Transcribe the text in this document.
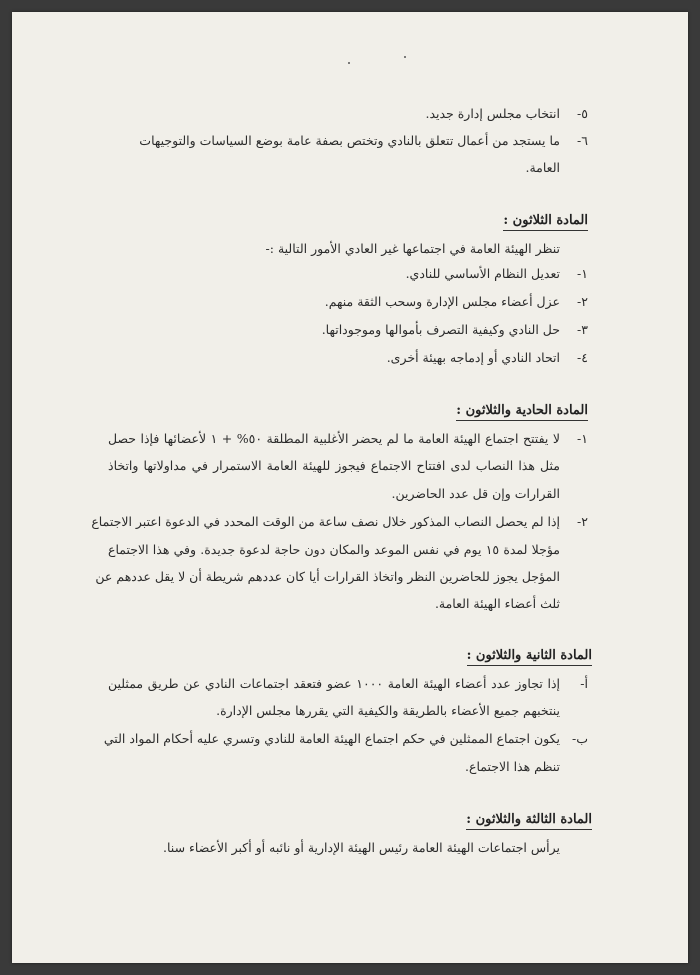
٥-انتخاب مجلس إدارة جديد.
٦-ما يستجد من أعمال تتعلق بالنادي وتختص بصفة عامة بوضع السياسات والتوجيهات
العامة.
المادة الثلاثون :
تنظر الهيئة العامة في اجتماعها غير العادي الأمور التالية :-
١-تعديل النظام الأساسي للنادي.
٢-عزل أعضاء مجلس الإدارة وسحب الثقة منهم.
٣-حل النادي وكيفية التصرف بأموالها وموجوداتها.
٤-اتحاد النادي أو إدماجه بهيئة أخرى.
المادة الحادية والثلاثون :
١-لا يفتتح اجتماع الهيئة العامة ما لم يحضر الأغلبية المطلقة ٥٠% + ١ لأعضائها فإذا حصل
مثل هذا النصاب لدى افتتاح الاجتماع فيجوز للهيئة العامة الاستمرار في مداولاتها واتخاذ
القرارات وإن قل عدد الحاضرين.
٢-إذا لم يحصل النصاب المذكور خلال نصف ساعة من الوقت المحدد في الدعوة اعتبر الاجتماع
مؤجلا لمدة ١٥ يوم في نفس الموعد والمكان دون حاجة لدعوة جديدة. وفي هذا الاجتماع
المؤجل يجوز للحاضرين النظر واتخاذ القرارات أيا كان عددهم شريطة أن لا يقل عددهم عن
ثلث أعضاء الهيئة العامة.
المادة الثانية والثلاثون :
أ-إذا تجاوز عدد أعضاء الهيئة العامة ١٠٠٠ عضو فتعقد اجتماعات النادي عن طريق ممثلين
ينتخبهم جميع الأعضاء بالطريقة والكيفية التي يقررها مجلس الإدارة.
ب-يكون اجتماع الممثلين في حكم اجتماع الهيئة العامة للنادي وتسري عليه أحكام المواد التي
تنظم هذا الاجتماع.
المادة الثالثة والثلاثون :
يرأس اجتماعات الهيئة العامة رئيس الهيئة الإدارية أو نائبه أو أكبر الأعضاء سنا.
